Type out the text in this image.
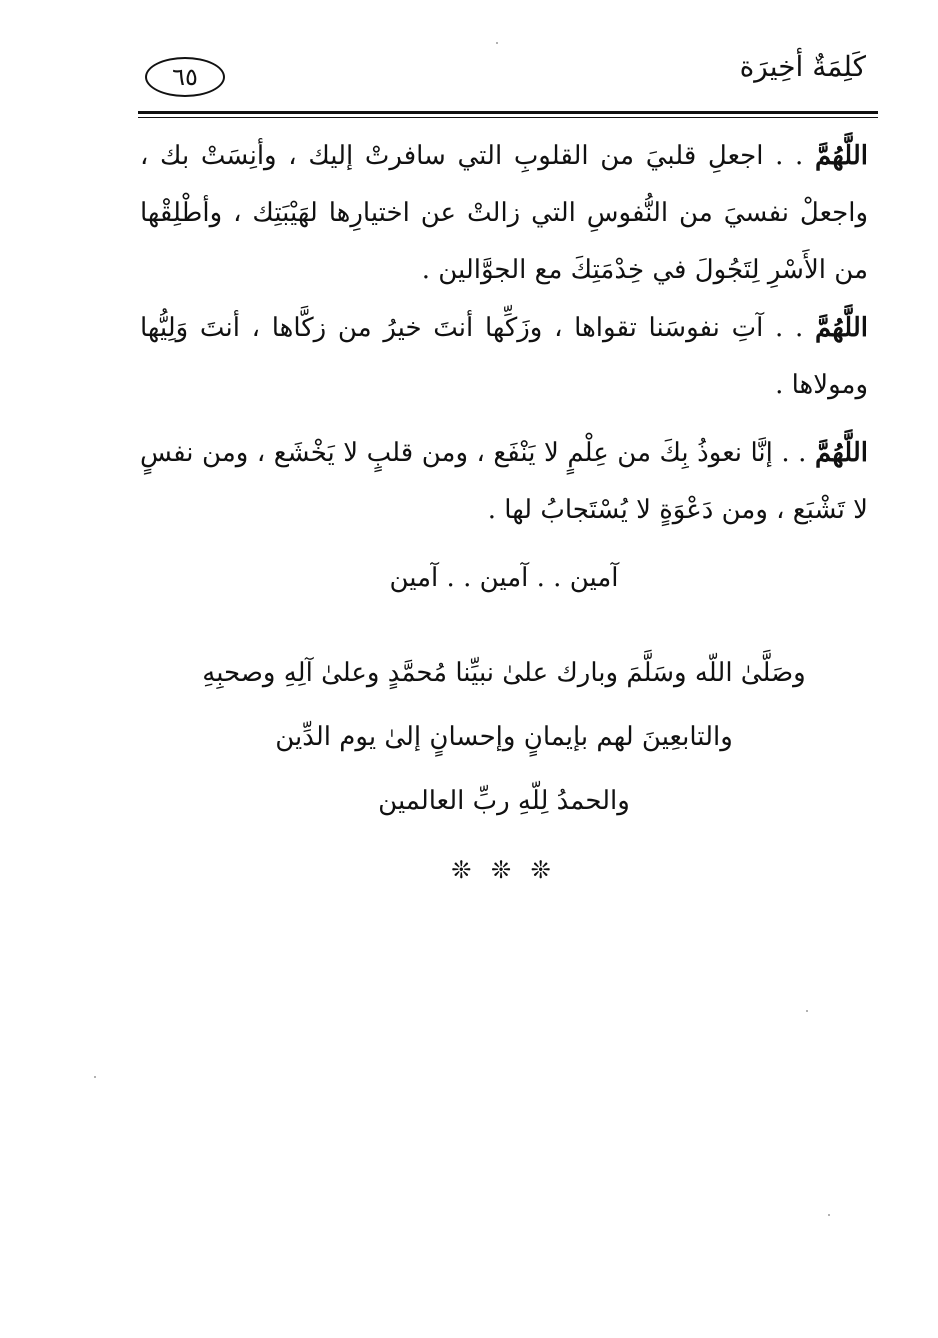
كَلِمَةٌ أخِيرَة
٦٥

اللَّهُمَّ . . اجعلِ قلبيَ من القلوبِ التي سافرتْ إليك ، وأنِسَتْ بك ، واجعلْ نفسيَ من النُّفوسِ التي زالتْ عن اختيارِها لهَيْبَتِك ، وأطْلِقْها من الأَسْرِ لِتَجُولَ في خِدْمَتِكَ مع الجوَّالين .

اللَّهُمَّ . . آتِ نفوسَنا تقواها ، وزَكِّها أنتَ خيرُ من زكَّاها ، أنتَ وَلِيُّها ومولاها .

اللَّهُمَّ . . إنَّا نعوذُ بِكَ من عِلْمٍ لا يَنْفَع ، ومن قلبٍ لا يَخْشَع ، ومن نفسٍ لا تَشْبَع ، ومن دَعْوَةٍ لا يُسْتَجابُ لها .

آمين . . آمين . . آمين
وصَلَّىٰ اللّه وسَلَّمَ وبارك علىٰ نبيِّنا مُحمَّدٍ وعلىٰ آلِهِ وصحبِهِ
والتابعِينَ لهم بإيمانٍ وإحسانٍ إلىٰ يوم الدِّين
والحمدُ لِلّهِ ربِّ العالمين
❊ ❊ ❊
